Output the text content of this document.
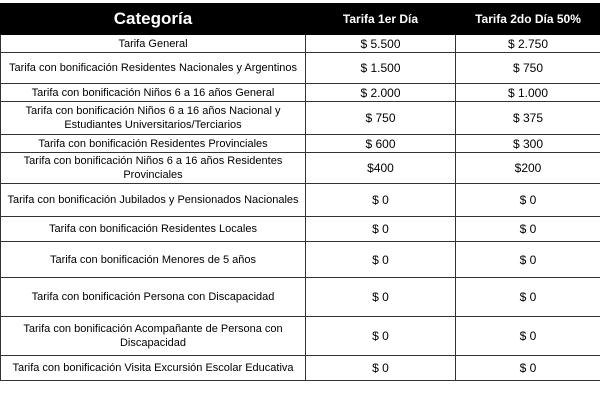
Categoría	Tarifa 1er Día	Tarifa 2do Día 50%
Tarifa General	$ 5.500	$ 2.750
Tarifa con bonificación Residentes Nacionales y Argentinos	$ 1.500	$ 750
Tarifa con bonificación Niños 6 a 16 años General	$ 2.000	$ 1.000
Tarifa con bonificación Niños 6 a 16 años Nacional y Estudiantes Universitarios/Terciarios	$ 750	$ 375
Tarifa con bonificación Residentes Provinciales	$ 600	$ 300
Tarifa con bonificación Niños 6 a 16 años Residentes Provinciales	$400	$200
Tarifa con bonificación Jubilados y Pensionados Nacionales	$ 0	$ 0
Tarifa con bonificación Residentes Locales	$ 0	$ 0
Tarifa con bonificación Menores de 5 años	$ 0	$ 0
Tarifa con bonificación Persona con Discapacidad	$ 0	$ 0
Tarifa con bonificación Acompañante de Persona con Discapacidad	$ 0	$ 0
Tarifa con bonificación Visita Excursión Escolar Educativa	$ 0	$ 0
